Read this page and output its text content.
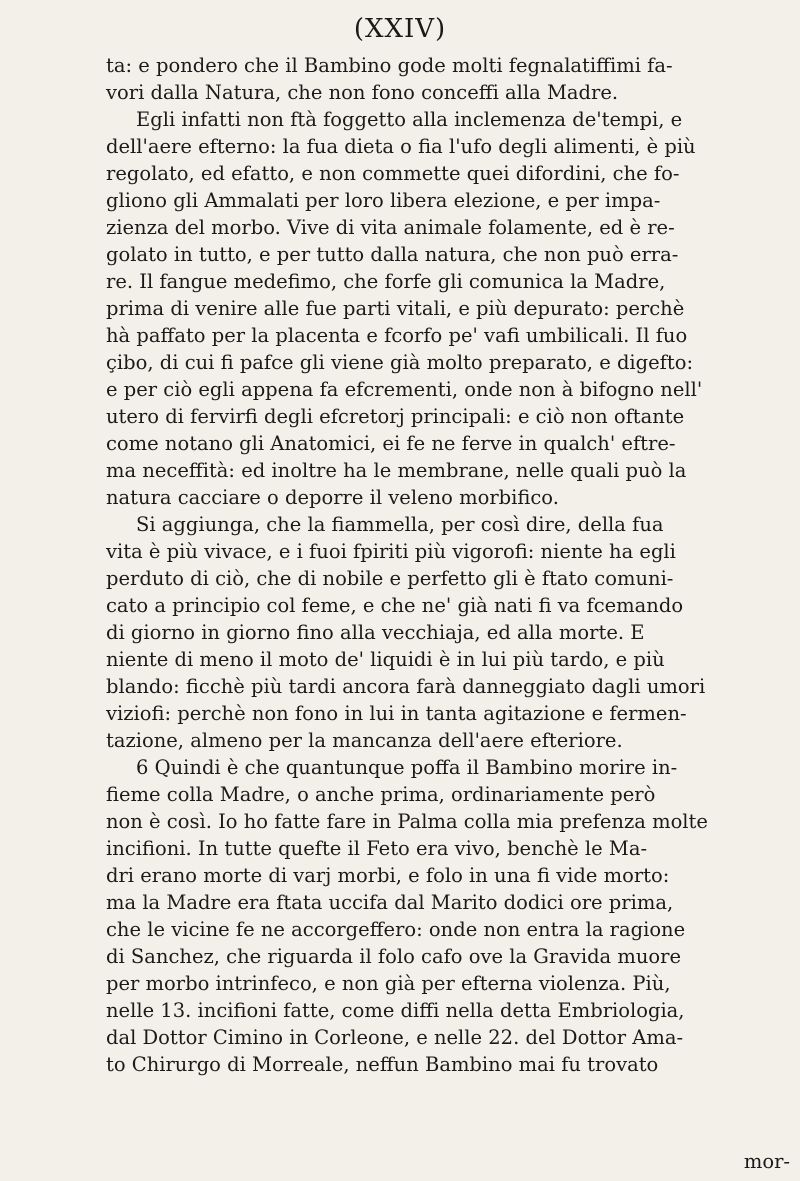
(XXIV)
ta: e pondero che il Bambino gode molti fegnalatiffimi fa-
vori dalla Natura, che non fono conceffi alla Madre.
Egli infatti non ftà foggetto alla inclemenza de'tempi, e
dell'aere efterno: la fua dieta o fia l'ufo degli alimenti, è più
regolato, ed efatto, e non commette quei difordini, che fo-
gliono gli Ammalati per loro libera elezione, e per impa-
zienza del morbo. Vive di vita animale folamente, ed è re-
golato in tutto, e per tutto dalla natura, che non può erra-
re. Il fangue medefimo, che forfe gli comunica la Madre,
prima di venire alle fue parti vitali, e più depurato: perchè
hà paffato per la placenta e fcorfo pe' vafi umbilicali. Il fuo
çibo, di cui fi pafce gli viene già molto preparato, e digefto:
e per ciò egli appena fa efcrementi, onde non à bifogno nell'
utero di fervirfi degli efcretorj principali: e ciò non oftante
come notano gli Anatomici, ei fe ne ferve in qualch' eftre-
ma neceffità: ed inoltre ha le membrane, nelle quali può la
natura cacciare o deporre il veleno morbifico.
Si aggiunga, che la fiammella, per così dire, della fua
vita è più vivace, e i fuoi fpiriti più vigorofi: niente ha egli
perduto di ciò, che di nobile e perfetto gli è ftato comuni-
cato a principio col feme, e che ne' già nati fi va fcemando
di giorno in giorno fino alla vecchiaja, ed alla morte. E
niente di meno il moto de' liquidi è in lui più tardo, e più
blando: ficchè più tardi ancora farà danneggiato dagli umori
viziofi: perchè non fono in lui in tanta agitazione e fermen-
tazione, almeno per la mancanza dell'aere efteriore.
6 Quindi è che quantunque poffa il Bambino morire in-
fieme colla Madre, o anche prima, ordinariamente però
non è così. Io ho fatte fare in Palma colla mia prefenza molte
incifioni. In tutte quefte il Feto era vivo, benchè le Ma-
dri erano morte di varj morbi, e folo in una fi vide morto:
ma la Madre era ftata uccifa dal Marito dodici ore prima,
che le vicine fe ne accorgeffero: onde non entra la ragione
di Sanchez, che riguarda il folo cafo ove la Gravida muore
per morbo intrinfeco, e non già per efterna violenza. Più,
nelle 13. incifioni fatte, come diffi nella detta Embriologia,
dal Dottor Cimino in Corleone, e nelle 22. del Dottor Ama-
to Chirurgo di Morreale, neffun Bambino mai fu trovato
mor-
